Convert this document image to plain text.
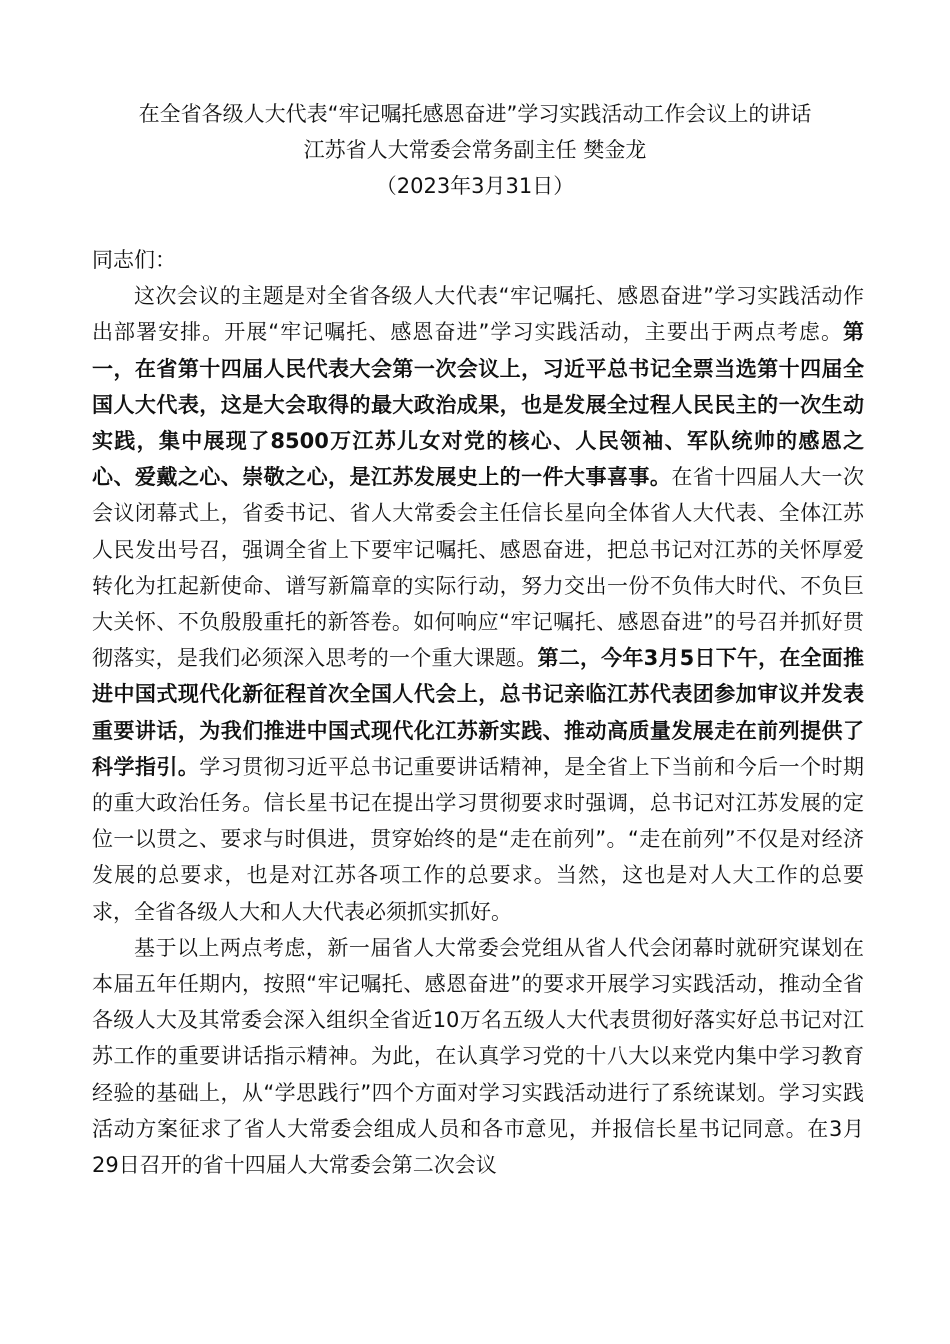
在全省各级人大代表“牢记嘱托感恩奋进”学习实践活动工作会议上的讲话
江苏省人大常委会常务副主任 樊金龙
（2023年3月31日）

同志们：

这次会议的主题是对全省各级人大代表“牢记嘱托、感恩奋进”学习实践活动作出部署安排。开展“牢记嘱托、感恩奋进”学习实践活动，主要出于两点考虑。第一，在省第十四届人民代表大会第一次会议上，习近平总书记全票当选第十四届全国人大代表，这是大会取得的最大政治成果，也是发展全过程人民民主的一次生动实践，集中展现了8500万江苏儿女对党的核心、人民领袖、军队统帅的感恩之心、爱戴之心、崇敬之心，是江苏发展史上的一件大事喜事。在省十四届人大一次会议闭幕式上，省委书记、省人大常委会主任信长星向全体省人大代表、全体江苏人民发出号召，强调全省上下要牢记嘱托、感恩奋进，把总书记对江苏的关怀厚爱转化为扛起新使命、谱写新篇章的实际行动，努力交出一份不负伟大时代、不负巨大关怀、不负殷殷重托的新答卷。如何响应“牢记嘱托、感恩奋进”的号召并抓好贯彻落实，是我们必须深入思考的一个重大课题。第二，今年3月5日下午，在全面推进中国式现代化新征程首次全国人代会上，总书记亲临江苏代表团参加审议并发表重要讲话，为我们推进中国式现代化江苏新实践、推动高质量发展走在前列提供了科学指引。学习贯彻习近平总书记重要讲话精神，是全省上下当前和今后一个时期的重大政治任务。信长星书记在提出学习贯彻要求时强调，总书记对江苏发展的定位一以贯之、要求与时俱进，贯穿始终的是“走在前列”。“走在前列”不仅是对经济发展的总要求，也是对江苏各项工作的总要求。当然，这也是对人大工作的总要求，全省各级人大和人大代表必须抓实抓好。

基于以上两点考虑，新一届省人大常委会党组从省人代会闭幕时就研究谋划在本届五年任期内，按照“牢记嘱托、感恩奋进”的要求开展学习实践活动，推动全省各级人大及其常委会深入组织全省近10万名五级人大代表贯彻好落实好总书记对江苏工作的重要讲话指示精神。为此，在认真学习党的十八大以来党内集中学习教育经验的基础上，从“学思践行”四个方面对学习实践活动进行了系统谋划。学习实践活动方案征求了省人大常委会组成人员和各市意见，并报信长星书记同意。在3月29日召开的省十四届人大常委会第二次会议
